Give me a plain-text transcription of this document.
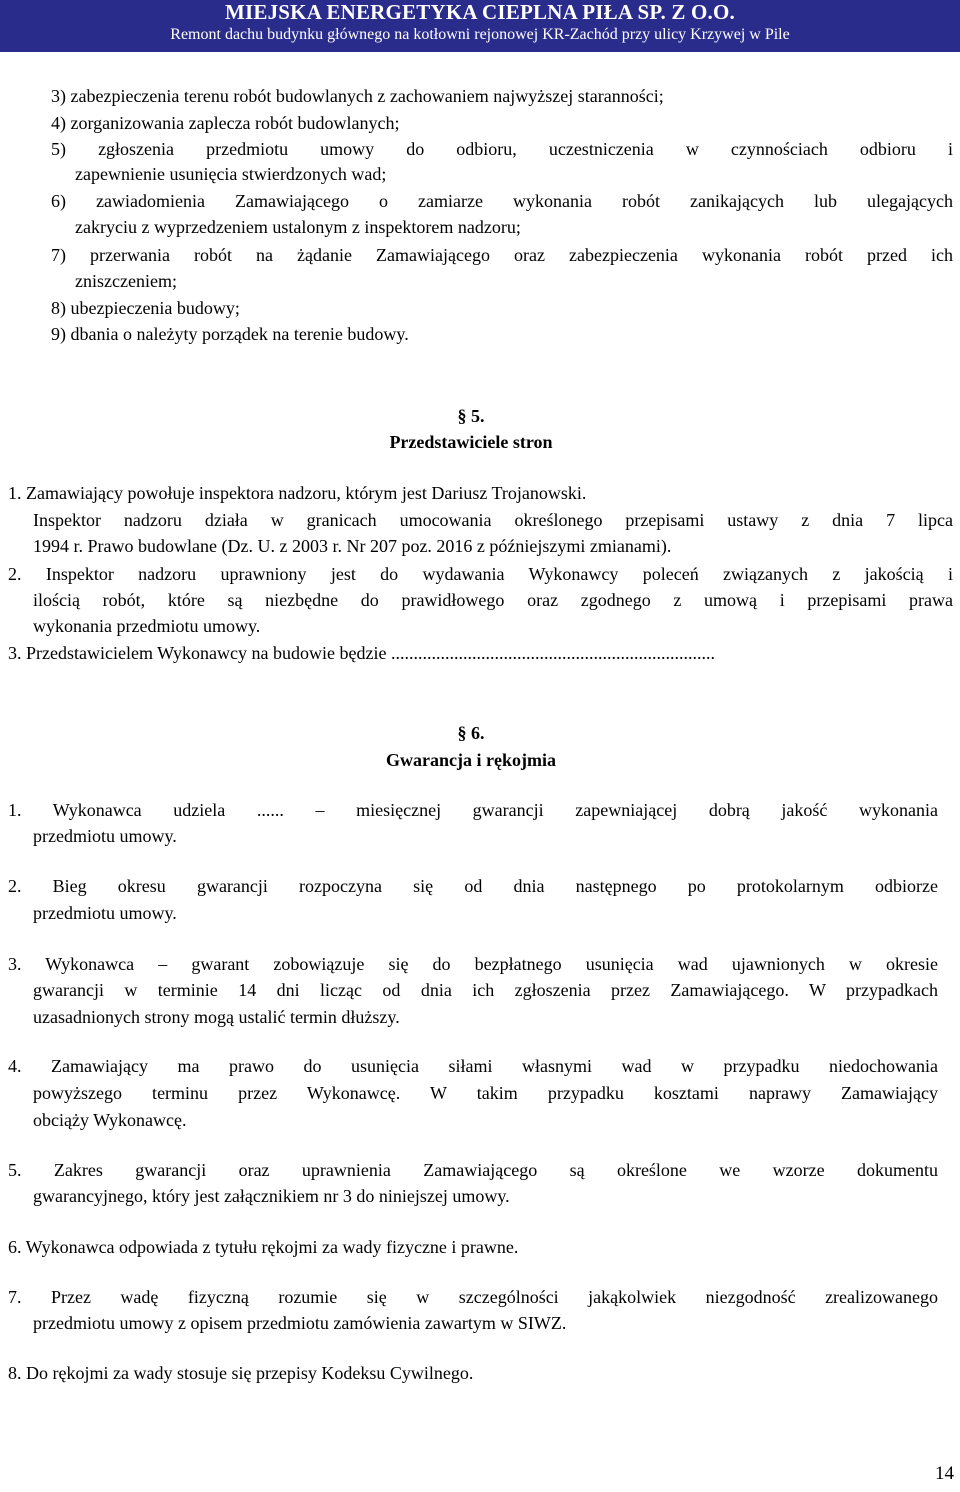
MIEJSKA ENERGETYKA CIEPLNA PIŁA SP. Z O.O.
Remont dachu budynku głównego na kotłowni rejonowej KR-Zachód przy ulicy Krzywej w Pile
3) zabezpieczenia terenu robót budowlanych z zachowaniem najwyższej staranności;
4) zorganizowania zaplecza robót budowlanych;
5) zgłoszenia przedmiotu umowy do odbioru, uczestniczenia w czynnościach odbioru i
zapewnienie usunięcia stwierdzonych wad;
6) zawiadomienia Zamawiającego o zamiarze wykonania robót zanikających lub ulegających
zakryciu z wyprzedzeniem ustalonym z inspektorem nadzoru;
7) przerwania robót na żądanie Zamawiającego oraz zabezpieczenia wykonania robót przed ich
zniszczeniem;
8) ubezpieczenia budowy;
9) dbania o należyty porządek na terenie budowy.
§ 5.
Przedstawiciele stron
1. Zamawiający powołuje inspektora nadzoru, którym jest Dariusz Trojanowski.
Inspektor nadzoru działa w granicach umocowania określonego przepisami ustawy z dnia 7 lipca
1994 r. Prawo budowlane (Dz. U. z 2003 r. Nr 207 poz. 2016 z późniejszymi zmianami).
2. Inspektor nadzoru uprawniony jest do wydawania Wykonawcy poleceń związanych z jakością i
ilością robót, które są niezbędne do prawidłowego oraz zgodnego z umową i przepisami prawa
wykonania przedmiotu umowy.
3. Przedstawicielem Wykonawcy na budowie będzie ........................................................................
§ 6.
Gwarancja i rękojmia
1. Wykonawca udziela ...... – miesięcznej gwarancji zapewniającej dobrą jakość wykonania
przedmiotu umowy.
2. Bieg okresu gwarancji rozpoczyna się od dnia następnego po protokolarnym odbiorze
przedmiotu umowy.
3. Wykonawca – gwarant zobowiązuje się do bezpłatnego usunięcia wad ujawnionych w okresie
gwarancji w terminie 14 dni licząc od dnia ich zgłoszenia przez Zamawiającego. W przypadkach
uzasadnionych strony mogą ustalić termin dłuższy.
4. Zamawiający ma prawo do usunięcia siłami własnymi wad w przypadku niedochowania
powyższego terminu przez Wykonawcę. W takim przypadku kosztami naprawy Zamawiający
obciąży Wykonawcę.
5. Zakres gwarancji oraz uprawnienia Zamawiającego są określone we wzorze dokumentu
gwarancyjnego, który jest załącznikiem nr 3 do niniejszej umowy.
6. Wykonawca odpowiada z tytułu rękojmi za wady fizyczne i prawne.
7. Przez wadę fizyczną rozumie się w szczególności jakąkolwiek niezgodność zrealizowanego
przedmiotu umowy z opisem przedmiotu zamówienia zawartym w SIWZ.
8. Do rękojmi za wady stosuje się przepisy Kodeksu Cywilnego.
14
